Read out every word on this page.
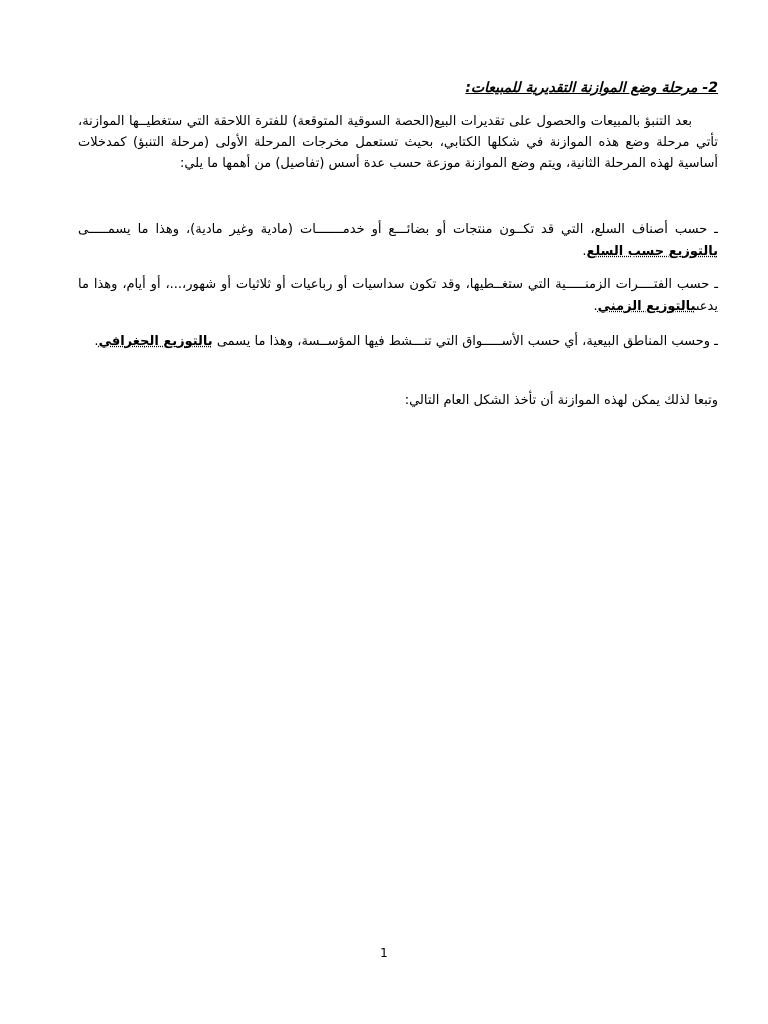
2- مرحلة وضع الموازنة التقديرية للمبيعات:

بعد التنبؤ بالمبيعات والحصول على تقديرات البيع(الحصة السوقية المتوقعة) للفترة اللاحقة التي ستغطيــها الموازنة، تأتي مرحلة وضع هذه الموازنة في شكلها الكتابي، بحيث تستعمل مخرجات المرحلة الأولى (مرحلة التنبؤ) كمدخلات أساسية لهذه المرحلة الثانية، ويتم وضع الموازنة موزعة حسب عدة أسس (تفاصيل) من أهمها ما يلي:

ـ حسب أصناف السلع، التي قد تكــون منتجات أو بضائـــع أو خدمـــــــات (مادية وغير مادية)، وهذا ما يسمـــــى بالتوزيع حسب السلع.

ـ حسب الفتــــرات الزمنـــــية التي ستغــطيها، وقد تكون سداسيات أو رباعيات أو ثلاثيات أو شهور،...، أو أيام، وهذا ما يدعىبالتوزيع الزمني.

ـ وحسب المناطق البيعية، أي حسب الأســـــواق التي تنـــشط فيها المؤســسة، وهذا ما يسمى بالتوزيع الجغرافي.

وتبعا لذلك يمكن لهذه الموازنة أن تأخذ الشكل العام التالي:

1
